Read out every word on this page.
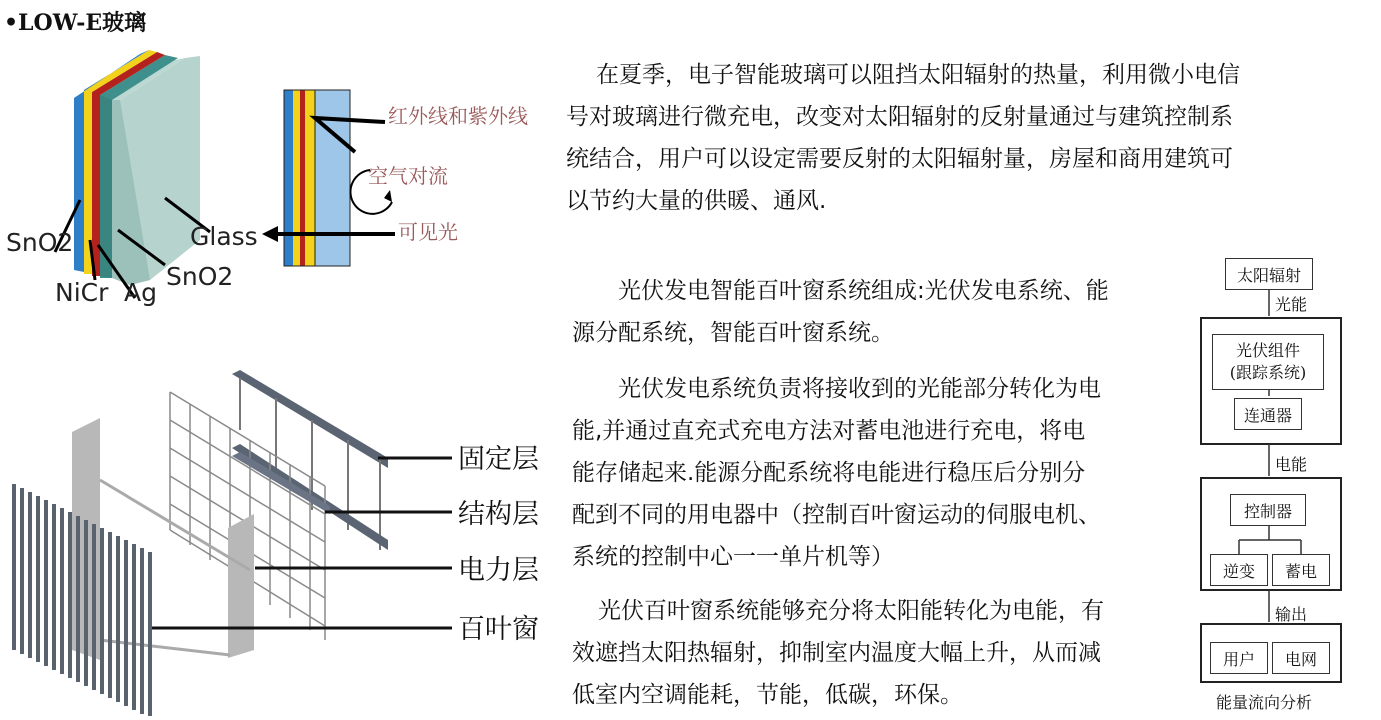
•LOW-E玻璃
SnO2
NiCr Ag
SnO2
Glass
红外线和紫外线
空气对流
可见光
固定层
结构层
电力层
百叶窗
在夏季，电子智能玻璃可以阻挡太阳辐射的热量，利用微小电信
号对玻璃进行微充电，改变对太阳辐射的反射量通过与建筑控制系
统结合，用户可以设定需要反射的太阳辐射量，房屋和商用建筑可
以节约大量的供暖、通风.
光伏发电智能百叶窗系统组成:光伏发电系统、能
源分配系统，智能百叶窗系统。
光伏发电系统负责将接收到的光能部分转化为电
能,并通过直充式充电方法对蓄电池进行充电，将电
能存储起来.能源分配系统将电能进行稳压后分别分
配到不同的用电器中（控制百叶窗运动的伺服电机、
系统的控制中心一一单片机等）
光伏百叶窗系统能够充分将太阳能转化为电能，有
效遮挡太阳热辐射，抑制室内温度大幅上升，从而减
低室内空调能耗，节能，低碳，环保。
太阳辐射
光能
光伏组件
(跟踪系统)
连通器
电能
控制器
逆变	蓄电
输出
用户	电网
能量流向分析
